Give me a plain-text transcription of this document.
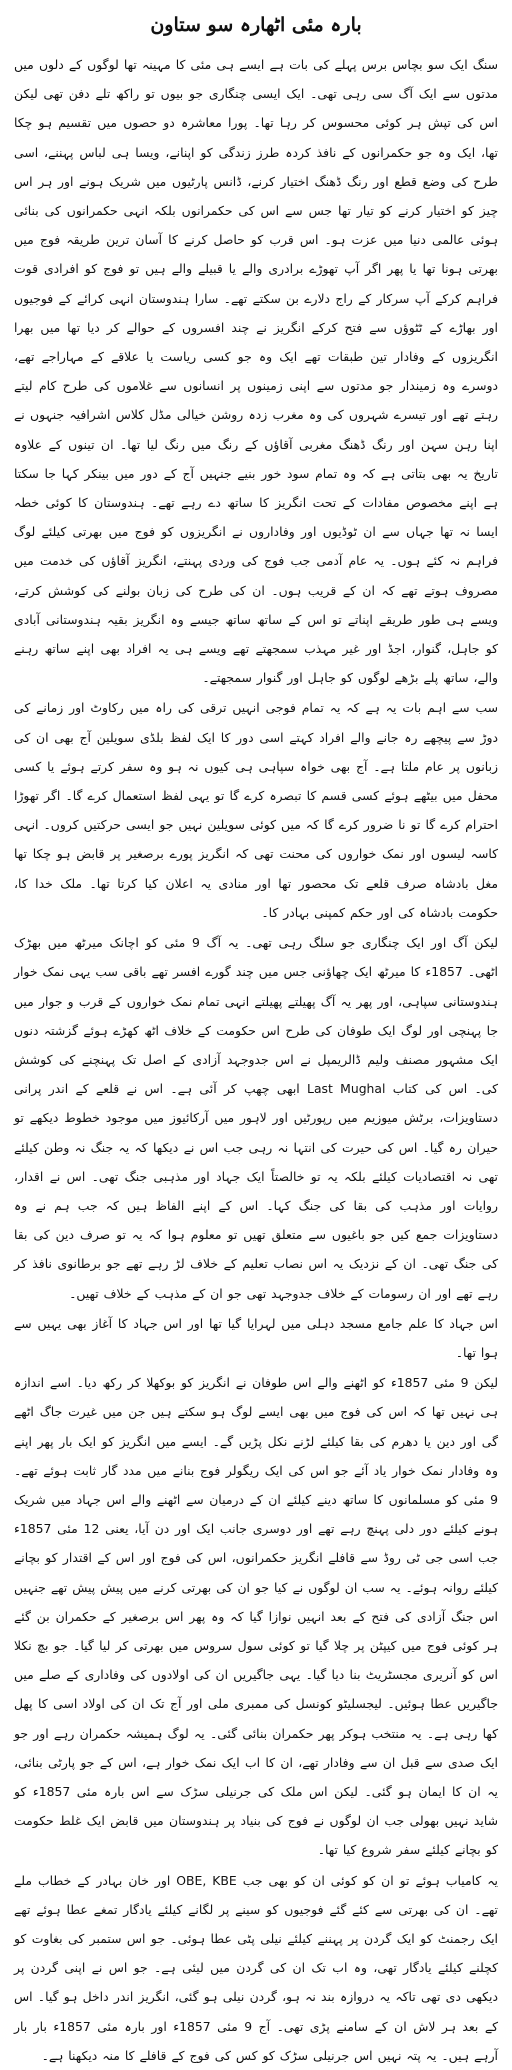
بارہ مئی اٹھارہ سو ستاون

سنگ ایک سو بچاس برس پہلے کی بات ہے ایسے ہی مئی کا مہینہ تھا لوگوں کے دلوں میں مدتوں سے ایک آگ سی رہی تھی۔ ایک ایسی چنگاری جو بیوں تو راکھ تلے دفن تھی لیکن اس کی تپش ہر کوئی محسوس کر رہا تھا۔ پورا معاشرہ دو حصوں میں تقسیم ہو چکا تھا، ایک وہ جو حکمرانوں کے نافذ کردہ طرز زندگی کو اپنانے، ویسا ہی لباس پہننے، اسی طرح کی وضع قطع اور رنگ ڈھنگ اختیار کرنے، ڈانس پارٹیوں میں شریک ہونے اور ہر اس چیز کو اختیار کرنے کو تیار تھا جس سے اس کی حکمرانوں بلکہ انہی حکمرانوں کی بنائی ہوئی عالمی دنیا میں عزت ہو۔ اس قرب کو حاصل کرنے کا آسان ترین طریقہ فوج میں بھرتی ہونا تھا یا پھر اگر آپ تھوڑے برادری والے یا قبیلے والے ہیں تو فوج کو افرادی قوت فراہم کرکے آپ سرکار کے راج دلارے بن سکتے تھے۔ سارا ہندوستان انہی کرائے کے فوجیوں اور بھاڑے کے ٹٹوؤں سے فتح کرکے انگریز نے چند افسروں کے حوالے کر دیا تھا میں بھرا انگریزوں کے وفادار تین طبقات تھے ایک وہ جو کسی ریاست یا علاقے کے مہاراجے تھے، دوسرے وہ زمیندار جو مدتوں سے اپنی زمینوں پر انسانوں سے غلاموں کی طرح کام لیتے رہتے تھے اور تیسرے شہروں کی وہ مغرب زدہ روشن خیالی مڈل کلاس اشرافیہ جنہوں نے اپنا رہن سہن اور رنگ ڈھنگ مغربی آقاؤں کے رنگ میں رنگ لیا تھا۔ ان تینوں کے علاوہ تاریخ یہ بھی بتاتی ہے کہ وہ تمام سود خور بنیے جنہیں آج کے دور میں بینکر کہا جا سکتا ہے اپنے مخصوص مفادات کے تحت انگریز کا ساتھ دے رہے تھے۔ ہندوستان کا کوئی خطہ ایسا نہ تھا جہاں سے ان ٹوڈیوں اور وفاداروں نے انگریزوں کو فوج میں بھرتی کیلئے لوگ فراہم نہ کئے ہوں۔ یہ عام آدمی جب فوج کی وردی پہنتے، انگریز آقاؤں کی خدمت میں مصروف ہوتے تھے کہ ان کے قریب ہوں۔ ان کی طرح کی زبان بولنے کی کوشش کرتے، ویسے ہی طور طریقے اپناتے تو اس کے ساتھ ساتھ جیسے وہ انگریز بقیہ ہندوستانی آبادی کو جاہل، گنوار، اجڈ اور غیر مہذب سمجھتے تھے ویسے ہی یہ افراد بھی اپنے ساتھ رہنے والے، ساتھ پلے بڑھے لوگوں کو جاہل اور گنوار سمجھتے۔

سب سے اہم بات یہ ہے کہ یہ تمام فوجی انہیں ترقی کی راہ میں رکاوٹ اور زمانے کی دوڑ سے پیچھے رہ جانے والے افراد کہتے اسی دور کا ایک لفظ بلڈی سویلین آج بھی ان کی زبانوں پر عام ملتا ہے۔ آج بھی خواہ سپاہی ہی کیوں نہ ہو وہ سفر کرتے ہوئے یا کسی محفل میں بیٹھے ہوئے کسی قسم کا تبصرہ کرے گا تو یہی لفظ استعمال کرے گا۔ اگر تھوڑا احترام کرے گا تو نا ضرور کرے گا کہ میں کوئی سویلین نہیں جو ایسی حرکتیں کروں۔ انہی کاسہ لیسوں اور نمک خواروں کی محنت تھی کہ انگریز پورے برصغیر پر قابض ہو چکا تھا مغل بادشاہ صرف قلعے تک محصور تھا اور منادی یہ اعلان کیا کرتا تھا۔ ملک خدا کا، حکومت بادشاہ کی اور حکم کمپنی بہادر کا۔

لیکن آگ اور ایک چنگاری جو سلگ رہی تھی۔ یہ آگ 9 مئی کو اچانک میرٹھ میں بھڑک اٹھی۔ 1857ء کا میرٹھ ایک چھاؤنی جس میں چند گورے افسر تھے باقی سب یہی نمک خوار ہندوستانی سپاہی، اور پھر یہ آگ پھیلتے پھیلتے انہی تمام نمک خواروں کے قرب و جوار میں جا پہنچی اور لوگ ایک طوفان کی طرح اس حکومت کے خلاف اٹھ کھڑے ہوئے گزشتہ دنوں ایک مشہور مصنف ولیم ڈالریمپل نے اس جدوجہد آزادی کے اصل تک پہنچنے کی کوشش کی۔ اس کی کتاب Last Mughal ابھی چھپ کر آئی ہے۔ اس نے قلعے کے اندر پرانی دستاویزات، برٹش میوزیم میں رپورٹیں اور لاہور میں آرکائیوز میں موجود خطوط دیکھے تو حیران رہ گیا۔ اس کی حیرت کی انتہا نہ رہی جب اس نے دیکھا کہ یہ جنگ نہ وطن کیلئے تھی نہ اقتصادیات کیلئے بلکہ یہ تو خالصتاً ایک جہاد اور مذہبی جنگ تھی۔ اس نے اقدار، روایات اور مذہب کی بقا کی جنگ کہا۔ اس کے اپنے الفاظ ہیں کہ جب ہم نے وہ دستاویزات جمع کیں جو باغیوں سے متعلق تھیں تو معلوم ہوا کہ یہ تو صرف دین کی بقا کی جنگ تھی۔ ان کے نزدیک یہ اس نصاب تعلیم کے خلاف لڑ رہے تھے جو برطانوی نافذ کر رہے تھے اور ان رسومات کے خلاف جدوجہد تھی جو ان کے مذہب کے خلاف تھیں۔

اس جہاد کا علم جامع مسجد دہلی میں لہرایا گیا تھا اور اس جہاد کا آغاز بھی یہیں سے ہوا تھا۔

لیکن 9 مئی 1857ء کو اٹھنے والے اس طوفان نے انگریز کو بوکھلا کر رکھ دیا۔ اسے اندازہ ہی نہیں تھا کہ اس کی فوج میں بھی ایسے لوگ ہو سکتے ہیں جن میں غیرت جاگ اٹھے گی اور دین یا دھرم کی بقا کیلئے لڑنے نکل پڑیں گے۔ ایسے میں انگریز کو ایک بار پھر اپنے وہ وفادار نمک خوار یاد آئے جو اس کی ایک ریگولر فوج بنانے میں مدد گار ثابت ہوئے تھے۔ 9 مئی کو مسلمانوں کا ساتھ دینے کیلئے ان کے درمیان سے اٹھنے والے اس جہاد میں شریک ہونے کیلئے دور دلی پہنچ رہے تھے اور دوسری جانب ایک اور دن آیا، یعنی 12 مئی 1857ء جب اسی جی ٹی روڈ سے قافلے انگریز حکمرانوں، اس کی فوج اور اس کے اقتدار کو بچانے کیلئے روانہ ہوئے۔ یہ سب ان لوگوں نے کیا جو ان کی بھرتی کرنے میں پیش پیش تھے جنہیں اس جنگ آزادی کی فتح کے بعد انہیں نوازا گیا کہ وہ پھر اس برصغیر کے حکمران بن گئے ہر کوئی فوج میں کیپٹن پر چلا گیا تو کوئی سول سروس میں بھرتی کر لیا گیا۔ جو بچ نکلا اس کو آنریری مجسٹریٹ بنا دیا گیا۔ یہی جاگیریں ان کی اولادوں کی وفاداری کے صلے میں جاگیریں عطا ہوئیں۔ لیجسلیٹو کونسل کی ممبری ملی اور آج تک ان کی اولاد اسی کا پھل کھا رہی ہے۔ یہ منتخب ہوکر پھر حکمران بنائی گئی۔ یہ لوگ ہمیشہ حکمران رہے اور جو ایک صدی سے قبل ان سے وفادار تھے، ان کا اب ایک نمک خوار ہے، اس کے جو پارٹی بنائی، یہ ان کا ایمان ہو گئی۔ لیکن اس ملک کی جرنیلی سڑک سے اس بارہ مئی 1857ء کو شاید نہیں بھولی جب ان لوگوں نے فوج کی بنیاد پر ہندوستان میں قابض ایک غلط حکومت کو بچانے کیلئے سفر شروع کیا تھا۔

یہ کامیاب ہوئے تو ان کو کوئی ان کو بھی جب OBE, KBE اور خان بہادر کے خطاب ملے تھے۔ ان کی بھرتی سے کئے گئے فوجیوں کو سینے پر لگانے کیلئے یادگار تمغے عطا ہوئے تھے ایک رجمنٹ کو ایک گردن پر پہننے کیلئے نیلی پٹی عطا ہوئی۔ جو اس ستمبر کی بغاوت کو کچلنے کیلئے یادگار تھی، وہ اب تک ان کی گردن میں لیئی ہے۔ جو اس نے اپنی گردن پر دیکھی دی تھی تاکہ یہ دروازہ بند نہ ہو، گردن نیلی ہو گئی، انگریز اندر داخل ہو گیا۔ اس کے بعد ہر لاش ان کے سامنے پڑی تھی۔ آج 9 مئی 1857ء اور بارہ مئی 1857ء بار بار آرہے ہیں۔ یہ پتہ نہیں اس جرنیلی سڑک کو کس کی فوج کے قافلے کا منہ دیکھنا ہے۔
